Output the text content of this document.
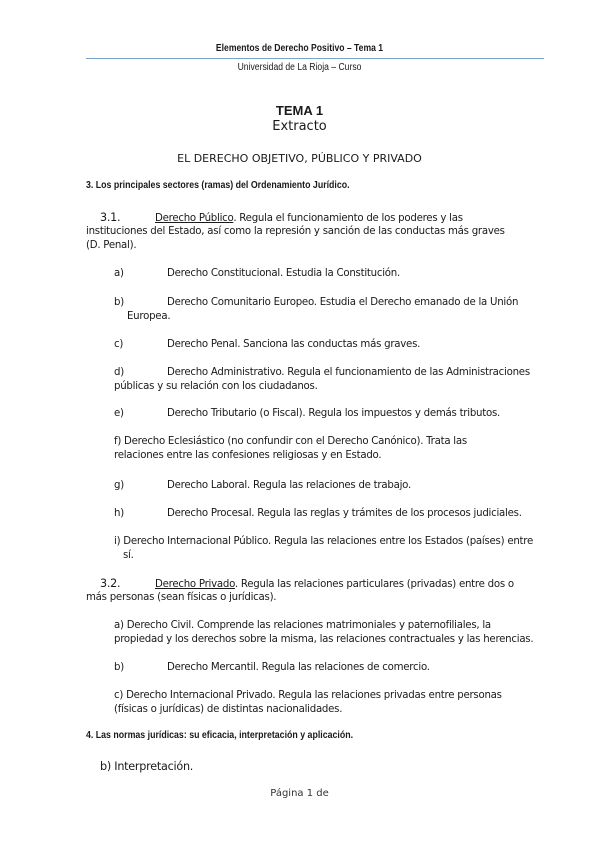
Elementos de Derecho Positivo – Tema 1
Universidad de La Rioja – Curso
TEMA 1
Extracto
EL DERECHO OBJETIVO, PÚBLICO Y PRIVADO
3. Los principales sectores (ramas) del Ordenamiento Jurídico.
3.1.	Derecho Público. Regula el funcionamiento de los poderes y las
instituciones del Estado, así como la represión y sanción de las conductas más graves
(D. Penal).
a)	Derecho Constitucional. Estudia la Constitución.
b)	Derecho Comunitario Europeo. Estudia el Derecho emanado de la Unión
Europea.
c)	Derecho Penal. Sanciona las conductas más graves.
d)	Derecho Administrativo. Regula el funcionamiento de las Administraciones
públicas y su relación con los ciudadanos.
e)	Derecho Tributario (o Fiscal). Regula los impuestos y demás tributos.
f) Derecho Eclesiástico (no confundir con el Derecho Canónico). Trata las
relaciones entre las confesiones religiosas y en Estado.
g)	Derecho Laboral. Regula las relaciones de trabajo.
h)	Derecho Procesal. Regula las reglas y trámites de los procesos judiciales.
i) Derecho Internacional Público. Regula las relaciones entre los Estados (países) entre
sí.
3.2.	Derecho Privado. Regula las relaciones particulares (privadas) entre dos o
más personas (sean físicas o jurídicas).
a) Derecho Civil. Comprende las relaciones matrimoniales y paternofiliales, la
propiedad y los derechos sobre la misma, las relaciones contractuales y las herencias.
b)	Derecho Mercantil. Regula las relaciones de comercio.
c) Derecho Internacional Privado. Regula las relaciones privadas entre personas
(físicas o jurídicas) de distintas nacionalidades.
4. Las normas jurídicas: su eficacia, interpretación y aplicación.
b) Interpretación.
Página 1 de
